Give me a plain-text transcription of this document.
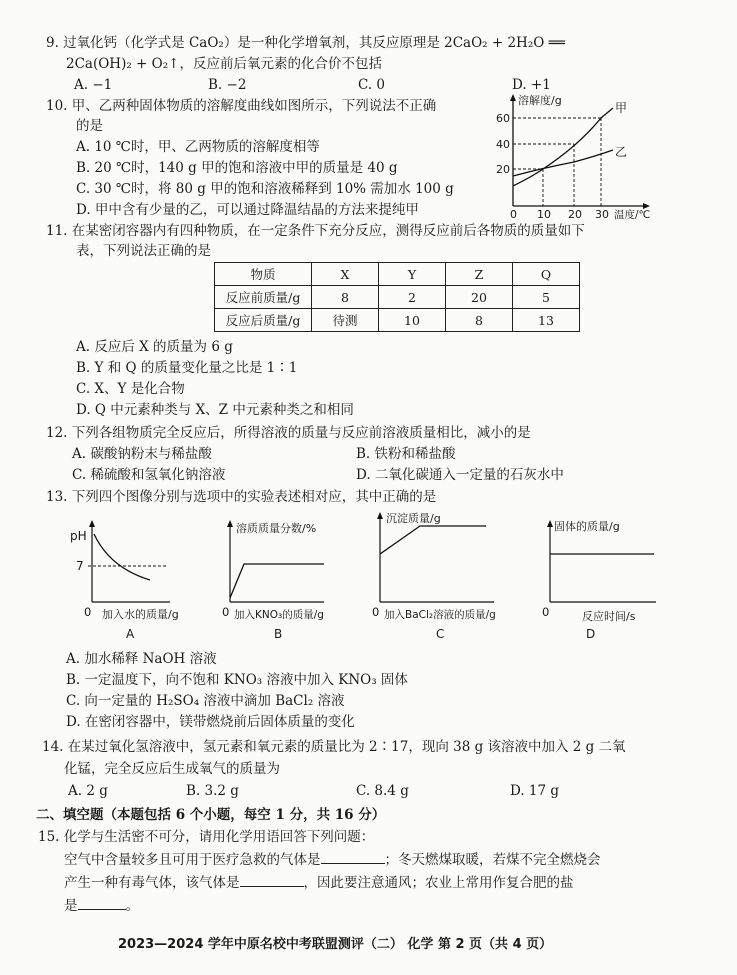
9. 过氧化钙（化学式是 CaO₂）是一种化学增氧剂，其反应原理是 2CaO₂ + 2H₂O ══
2Ca(OH)₂ + O₂↑，反应前后氧元素的化合价不包括
A. −1	B. −2	C. 0	D. +1
10. 甲、乙两种固体物质的溶解度曲线如图所示，下列说法不正确
的是
A. 10 ℃时，甲、乙两物质的溶解度相等
B. 20 ℃时，140 g 甲的饱和溶液中甲的质量是 40 g
C. 30 ℃时，将 80 g 甲的饱和溶液稀释到 10% 需加水 100 g
D. 甲中含有少量的乙，可以通过降温结晶的方法来提纯甲
溶解度/g
甲
乙
60
40
20
0 10 20 30 温度/℃
11. 在某密闭容器内有四种物质，在一定条件下充分反应，测得反应前后各物质的质量如下
表，下列说法正确的是
物质	X	Y	Z	Q
反应前质量/g	8	2	20	5
反应后质量/g	待测	10	8	13
A. 反应后 X 的质量为 6 g
B. Y 和 Q 的质量变化量之比是 1∶1
C. X、Y 是化合物
D. Q 中元素种类与 X、Z 中元素种类之和相同
12. 下列各组物质完全反应后，所得溶液的质量与反应前溶液质量相比，减小的是
A. 碳酸钠粉末与稀盐酸	B. 铁粉和稀盐酸
C. 稀硫酸和氢氧化钠溶液	D. 二氧化碳通入一定量的石灰水中
13. 下列四个图像分别与选项中的实验表述相对应，其中正确的是
pH
7
0 加入水的质量/g
A
溶质质量分数/%
0 加入KNO₃的质量/g
B
沉淀质量/g
0 加入BaCl₂溶液的质量/g
C
固体的质量/g
0	反应时间/s
D
A. 加水稀释 NaOH 溶液
B. 一定温度下，向不饱和 KNO₃ 溶液中加入 KNO₃ 固体
C. 向一定量的 H₂SO₄ 溶液中滴加 BaCl₂ 溶液
D. 在密闭容器中，镁带燃烧前后固体质量的变化
14. 在某过氧化氢溶液中，氢元素和氧元素的质量比为 2∶17，现向 38 g 该溶液中加入 2 g 二氧
化锰，完全反应后生成氧气的质量为
A. 2 g	B. 3.2 g	C. 8.4 g	D. 17 g
二、填空题（本题包括 6 个小题，每空 1 分，共 16 分）
15. 化学与生活密不可分，请用化学用语回答下列问题：
空气中含量较多且可用于医疗急救的气体是	；冬天燃煤取暖，若煤不完全燃烧会
产生一种有毒气体，该气体是	，因此要注意通风；农业上常用作复合肥的盐
是	。
2023—2024 学年中原名校中考联盟测评（二） 化学 第 2 页（共 4 页）
